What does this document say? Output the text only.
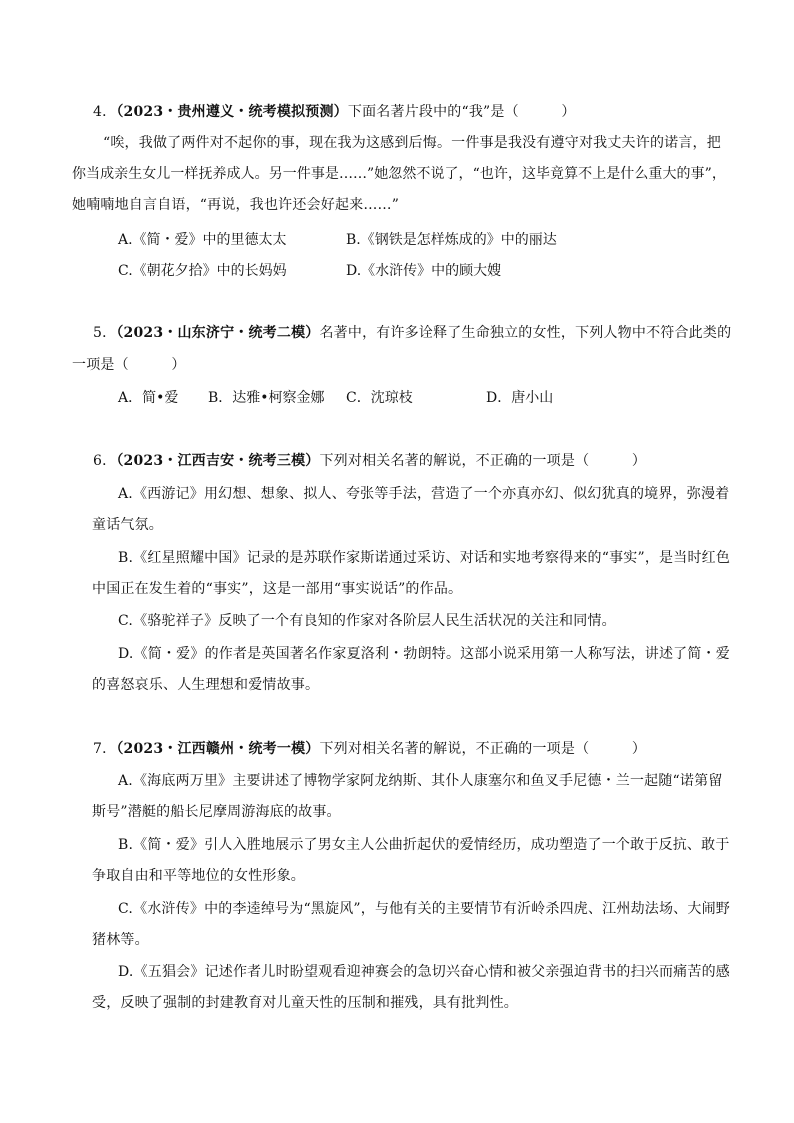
4．（2023・贵州遵义・统考模拟预测）下面名著片段中的“我”是（　　　）
“唉，我做了两件对不起你的事，现在我为这感到后悔。一件事是我没有遵守对我丈夫许的诺言，把
你当成亲生女儿一样抚养成人。另一件事是……”她忽然不说了，“也许，这毕竟算不上是什么重大的事”，
她喃喃地自言自语，“再说，我也许还会好起来……”
A.《简・爱》中的里德太太	B.《钢铁是怎样炼成的》中的丽达
C.《朝花夕拾》中的长妈妈	D.《水浒传》中的顾大嫂
5．（2023・山东济宁・统考二模）名著中，有许多诠释了生命独立的女性，下列人物中不符合此类的
一项是（　　　）
A．简•爱 B．达雅•柯察金娜 C．沈琼枝	D．唐小山
6．（2023・江西吉安・统考三模）下列对相关名著的解说，不正确的一项是（　　　）
A.《西游记》用幻想、想象、拟人、夸张等手法，营造了一个亦真亦幻、似幻犹真的境界，弥漫着
童话气氛。
B.《红星照耀中国》记录的是苏联作家斯诺通过采访、对话和实地考察得来的“事实”，是当时红色
中国正在发生着的“事实”，这是一部用“事实说话”的作品。
C.《骆驼祥子》反映了一个有良知的作家对各阶层人民生活状况的关注和同情。
D.《简・爱》的作者是英国著名作家夏洛利・勃朗特。这部小说采用第一人称写法，讲述了简・爱
的喜怒哀乐、人生理想和爱情故事。
7．（2023・江西赣州・统考一模）下列对相关名著的解说，不正确的一项是（　　　）
A.《海底两万里》主要讲述了博物学家阿龙纳斯、其仆人康塞尔和鱼叉手尼德・兰一起随“诺第留
斯号”潜艇的船长尼摩周游海底的故事。
B.《简・爱》引人入胜地展示了男女主人公曲折起伏的爱情经历，成功塑造了一个敢于反抗、敢于
争取自由和平等地位的女性形象。
C.《水浒传》中的李逵绰号为“黑旋风”，与他有关的主要情节有沂岭杀四虎、江州劫法场、大闹野
猪林等。
D.《五猖会》记述作者儿时盼望观看迎神赛会的急切兴奋心情和被父亲强迫背书的扫兴而痛苦的感
受，反映了强制的封建教育对儿童天性的压制和摧残，具有批判性。
